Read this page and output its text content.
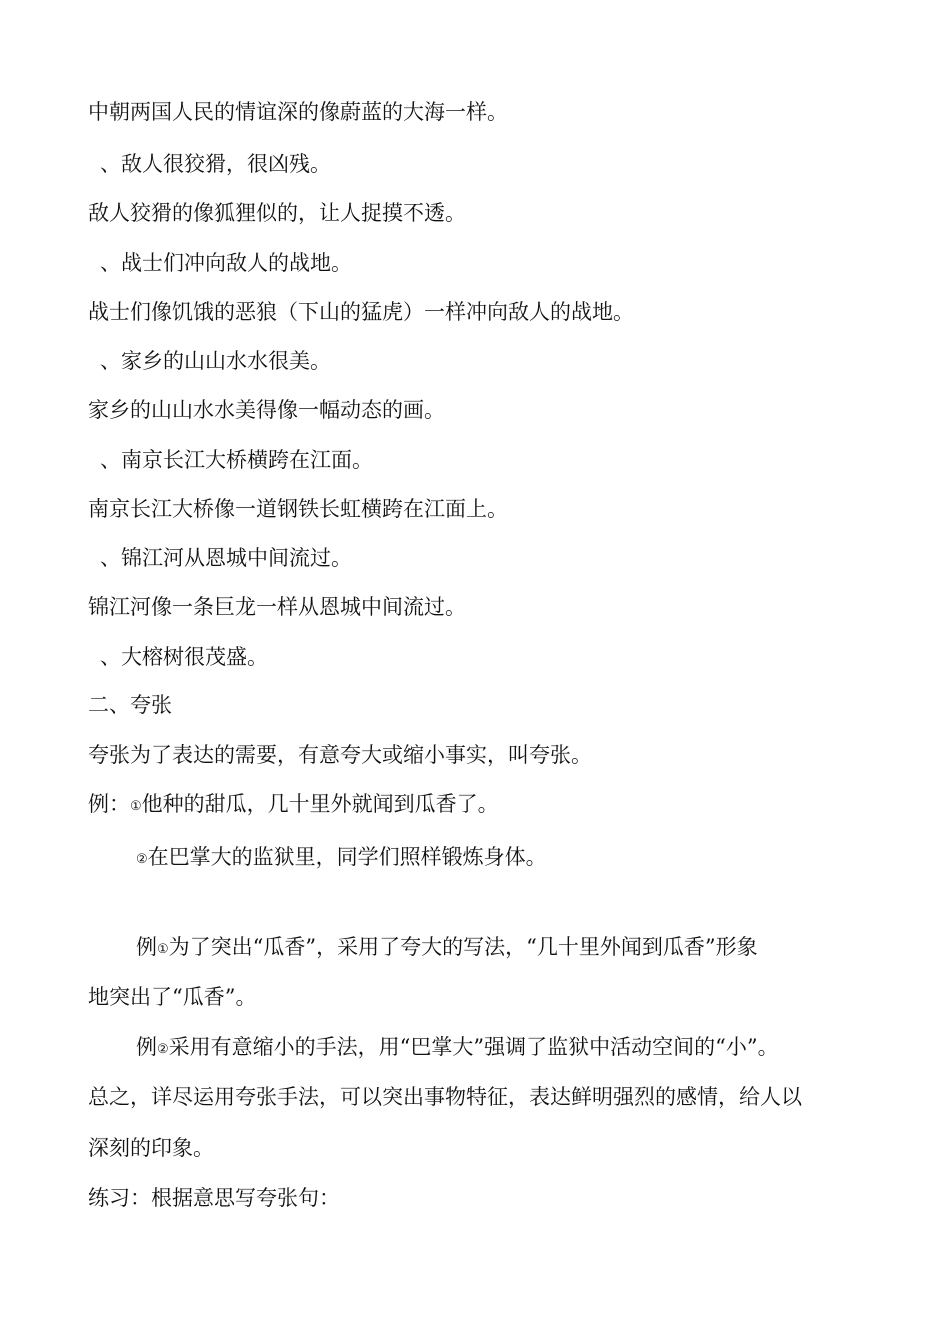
中朝两国人民的情谊深的像蔚蓝的大海一样。
、敌人很狡猾，很凶残。
敌人狡猾的像狐狸似的，让人捉摸不透。
、战士们冲向敌人的战地。
战士们像饥饿的恶狼（下山的猛虎）一样冲向敌人的战地。
、家乡的山山水水很美。
家乡的山山水水美得像一幅动态的画。
、南京长江大桥横跨在江面。
南京长江大桥像一道钢铁长虹横跨在江面上。
、锦江河从恩城中间流过。
锦江河像一条巨龙一样从恩城中间流过。
、大榕树很茂盛。
二、夸张
夸张为了表达的需要，有意夸大或缩小事实，叫夸张。
例：①他种的甜瓜，几十里外就闻到瓜香了。
②在巴掌大的监狱里，同学们照样锻炼身体。
例①为了突出“瓜香”，采用了夸大的写法，“几十里外闻到瓜香”形象
地突出了“瓜香”。
例②采用有意缩小的手法，用“巴掌大”强调了监狱中活动空间的“小”。
总之，详尽运用夸张手法，可以突出事物特征，表达鲜明强烈的感情，给人以
深刻的印象。
练习：根据意思写夸张句：
